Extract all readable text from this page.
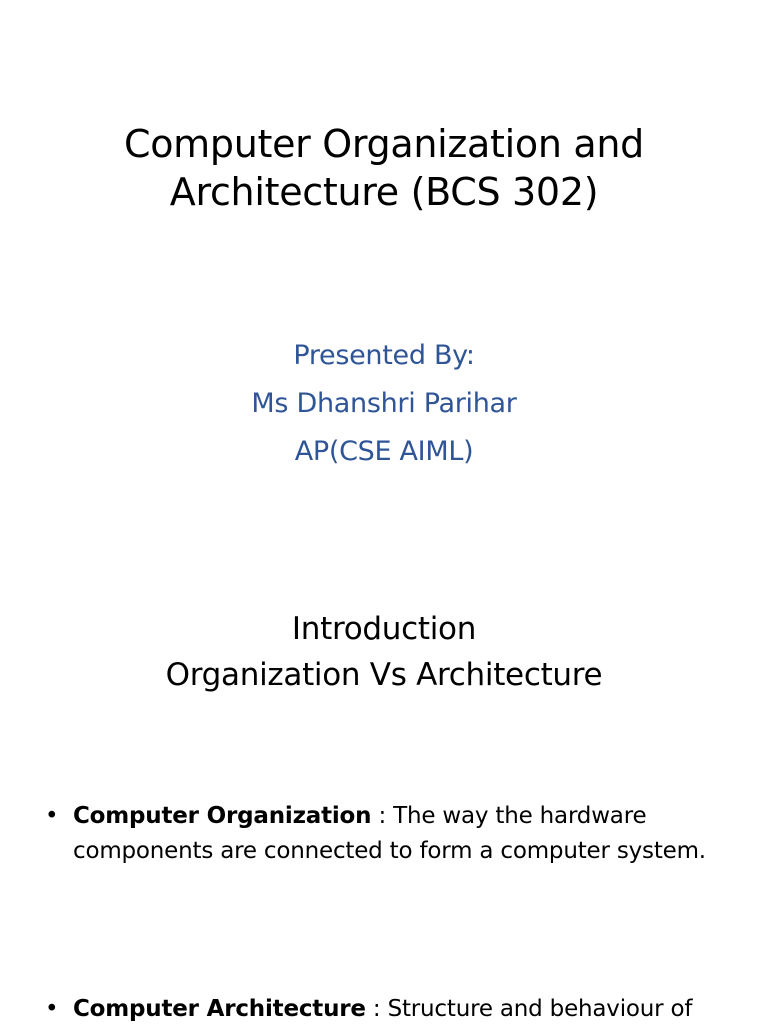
Computer Organization and
Architecture (BCS 302)
Presented By:
Ms Dhanshri Parihar
AP(CSE AIML)
Introduction
Organization Vs Architecture
• Computer Organization : The way the hardware components are connected to form a computer system.
• Computer Architecture : Structure and behaviour of
